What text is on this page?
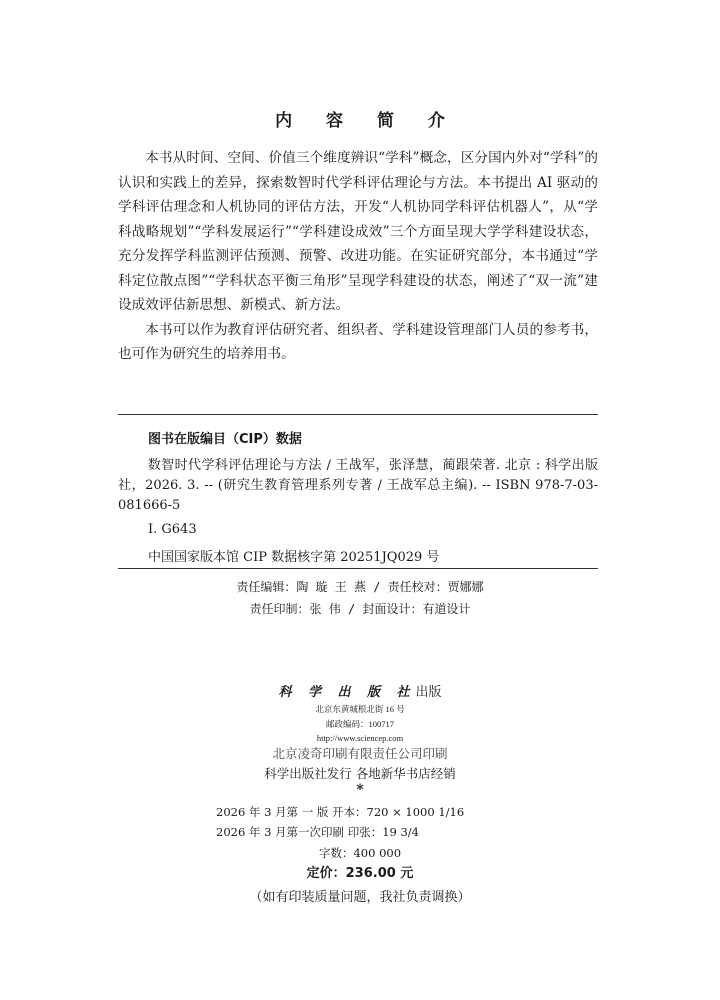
内 容 简 介

本书从时间、空间、价值三个维度辨识“学科”概念，区分国内外对“学科”的认识和实践上的差异，探索数智时代学科评估理论与方法。本书提出 AI 驱动的学科评估理念和人机协同的评估方法，开发“人机协同学科评估机器人”，从“学科战略规划”“学科发展运行”“学科建设成效”三个方面呈现大学学科建设状态，充分发挥学科监测评估预测、预警、改进功能。在实证研究部分，本书通过“学科定位散点图”“学科状态平衡三角形”呈现学科建设的状态，阐述了“双一流”建设成效评估新思想、新模式、新方法。

本书可以作为教育评估研究者、组织者、学科建设管理部门人员的参考书，也可作为研究生的培养用书。

图书在版编目（CIP）数据

数智时代学科评估理论与方法 / 王战军，张泽慧，蔺跟荣著. 北京 : 科学出版社，2026. 3. -- (研究生教育管理系列专著 / 王战军总主编). -- ISBN 978-7-03-081666-5

Ⅰ. G643
中国国家版本馆 CIP 数据核字第 20251JQ029 号
责任编辑：陶 璇 王 燕 / 责任校对：贾娜娜
责任印制：张 伟 / 封面设计：有道设计
科 学 出 版 社出版
北京东黄城根北街 16 号
邮政编码：100717
http://www.sciencep.com
北京凌奇印刷有限责任公司印刷
科学出版社发行 各地新华书店经销
*
2026 年 3 月第 一 版 开本：720 × 1000 1/16
2026 年 3 月第一次印刷 印张：19 3/4
字数：400 000
定价：236.00 元
（如有印装质量问题，我社负责调换）
